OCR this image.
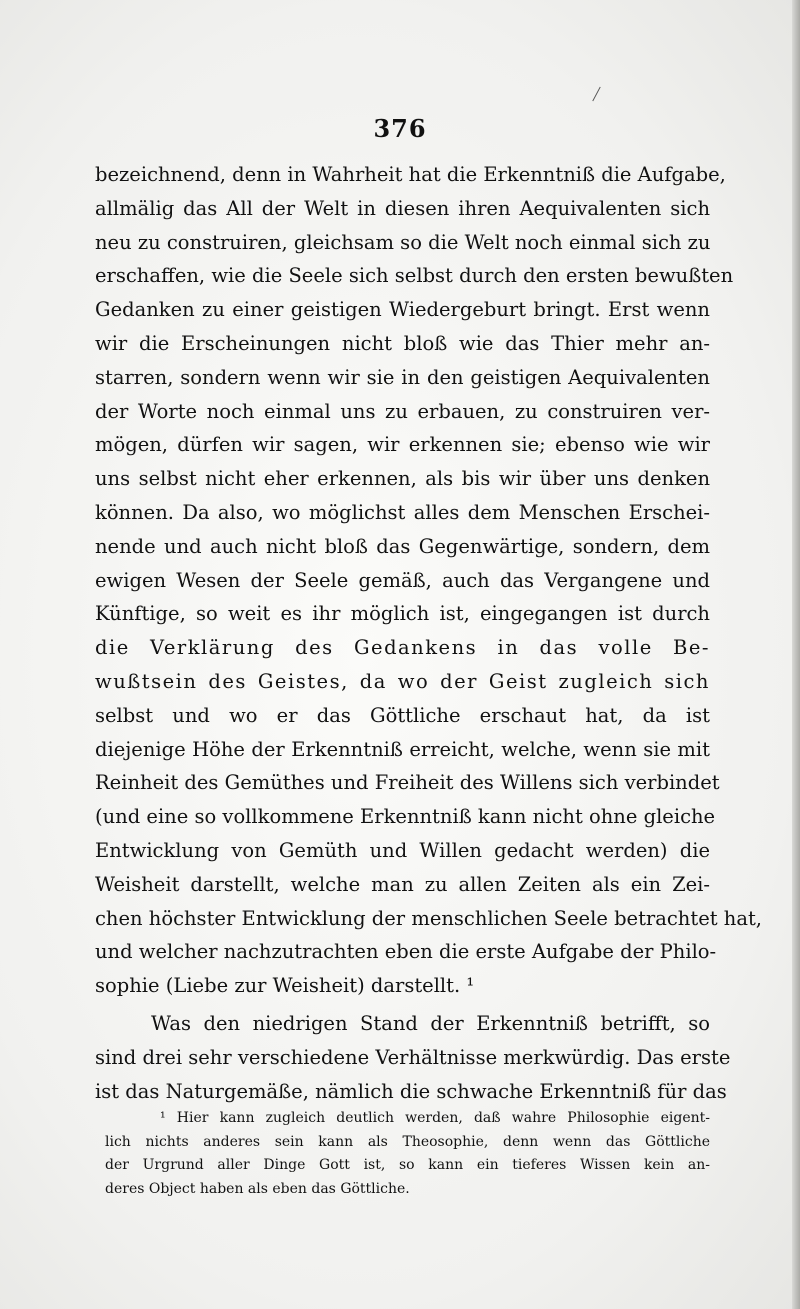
376
bezeichnend, denn in Wahrheit hat die Erkenntniß die Aufgabe,
allmälig das All der Welt in diesen ihren Aequivalenten sich
neu zu construiren, gleichsam so die Welt noch einmal sich zu
erschaffen, wie die Seele sich selbst durch den ersten bewußten
Gedanken zu einer geistigen Wiedergeburt bringt. Erst wenn
wir die Erscheinungen nicht bloß wie das Thier mehr an-
starren, sondern wenn wir sie in den geistigen Aequivalenten
der Worte noch einmal uns zu erbauen, zu construiren ver-
mögen, dürfen wir sagen, wir erkennen sie; ebenso wie wir
uns selbst nicht eher erkennen, als bis wir über uns denken
können. Da also, wo möglichst alles dem Menschen Erschei-
nende und auch nicht bloß das Gegenwärtige, sondern, dem
ewigen Wesen der Seele gemäß, auch das Vergangene und
Künftige, so weit es ihr möglich ist, eingegangen ist durch
die Verklärung des Gedankens in das volle Be-
wußtsein des Geistes, da wo der Geist zugleich sich
selbst und wo er das Göttliche erschaut hat, da ist
diejenige Höhe der Erkenntniß erreicht, welche, wenn sie mit
Reinheit des Gemüthes und Freiheit des Willens sich verbindet
(und eine so vollkommene Erkenntniß kann nicht ohne gleiche
Entwicklung von Gemüth und Willen gedacht werden) die
Weisheit darstellt, welche man zu allen Zeiten als ein Zei-
chen höchster Entwicklung der menschlichen Seele betrachtet hat,
und welcher nachzutrachten eben die erste Aufgabe der Philo-
sophie (Liebe zur Weisheit) darstellt. ¹
Was den niedrigen Stand der Erkenntniß betrifft, so
sind drei sehr verschiedene Verhältnisse merkwürdig. Das erste
ist das Naturgemäße, nämlich die schwache Erkenntniß für das
¹ Hier kann zugleich deutlich werden, daß wahre Philosophie eigent-
lich nichts anderes sein kann als Theosophie, denn wenn das Göttliche
der Urgrund aller Dinge Gott ist, so kann ein tieferes Wissen kein an-
deres Object haben als eben das Göttliche.
